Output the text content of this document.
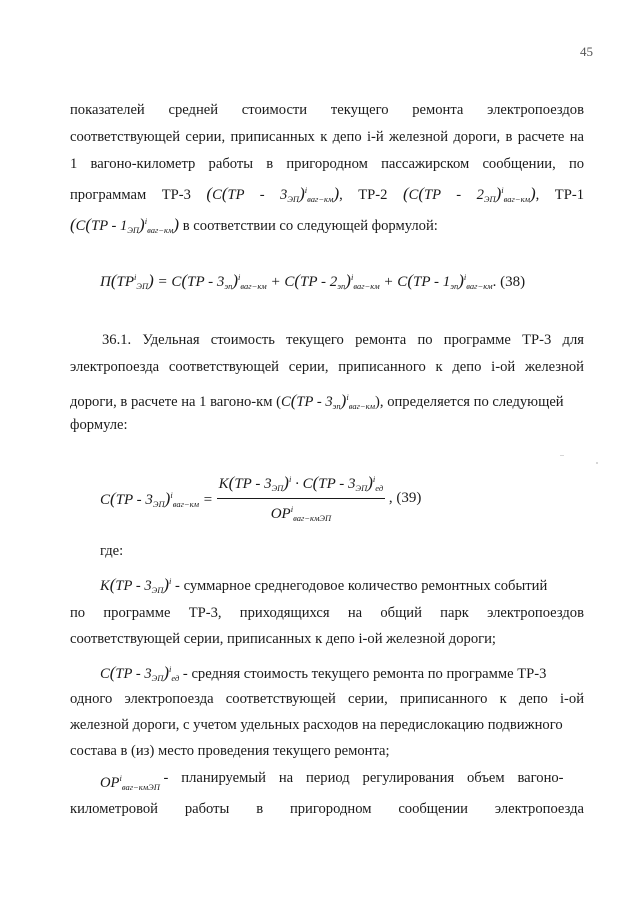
45
показателей средней стоимости текущего ремонта электропоездов
соответствующей серии, приписанных к депо i-й железной дороги, в расчете на
1 вагоно-километр работы в пригородном пассажирском сообщении, по
программам ТР-3 $(C(TP - 3_{ЭП})^i_{ваг-км})$, ТР-2 $(C(TP - 2_{ЭП})^i_{ваг-км})$, ТР-1
$(C(TP - 1_{ЭП})^i_{ваг-км})$ в соответствии со следующей формулой:
$П(TP^i_{ЭП}) = C(TP - 3_{эп})^i_{ваг-км} + C(TP - 2_{эп})^i_{ваг-км} + C(TP - 1_{эп})^i_{ваг-км}$. (38)
36.1. Удельная стоимость текущего ремонта по программе ТР-3 для
электропоезда соответствующей серии, приписанного к депо i-ой железной
дороги, в расчете на 1 вагоно-км $(C(TP - 3_{эп})^i_{ваг-км})$, определяется по следующей
формуле:
$C(TP - 3_{ЭП})^i_{ваг-км} = \frac{K(TP - 3_{ЭП})^i \cdot C(TP - 3_{ЭП})^i_{ед}}{OP^i_{ваг-кмЭП}}$ , (39)
где:
$K(TP - 3_{ЭП})^i$ - суммарное среднегодовое количество ремонтных событий
по программе ТР-3, приходящихся на общий парк электропоездов
соответствующей серии, приписанных к депо i-ой железной дороги;
$C(TP - 3_{ЭП})^i_{ед}$ - средняя стоимость текущего ремонта по программе ТР-3
одного электропоезда соответствующей серии, приписанного к депо i-ой
железной дороги, с учетом удельных расходов на передислокацию подвижного
состава в (из) место проведения текущего ремонта;
$OP^i_{ваг-кмЭП}$ - планируемый на период регулирования объем вагоно-
километровой работы в пригородном сообщении электропоезда
